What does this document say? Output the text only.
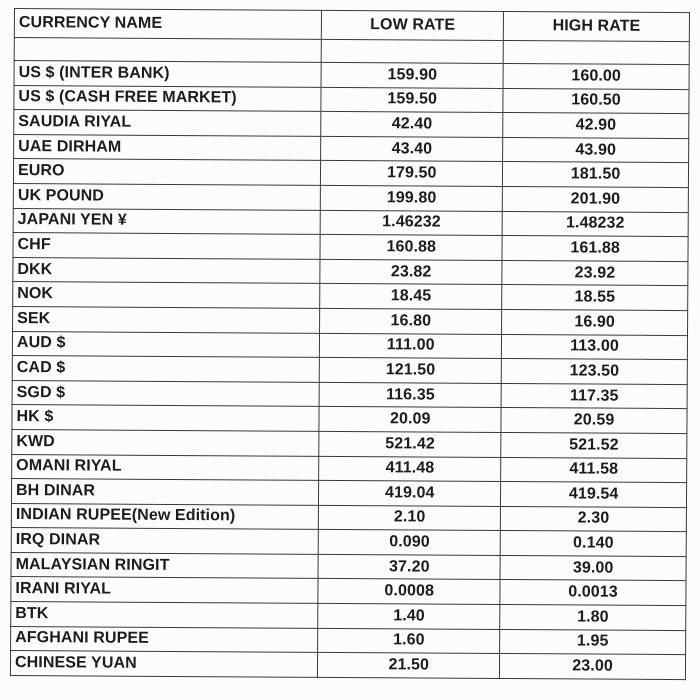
CURRENCY NAME	LOW RATE	HIGH RATE

US $ (INTER BANK)	159.90	160.00
US $ (CASH FREE MARKET)	159.50	160.50
SAUDIA RIYAL	42.40	42.90
UAE DIRHAM	43.40	43.90
EURO	179.50	181.50
UK POUND	199.80	201.90
JAPANI YEN ¥	1.46232	1.48232
CHF	160.88	161.88
DKK	23.82	23.92
NOK	18.45	18.55
SEK	16.80	16.90
AUD $	111.00	113.00
CAD $	121.50	123.50
SGD $	116.35	117.35
HK $	20.09	20.59
KWD	521.42	521.52
OMANI RIYAL	411.48	411.58
BH DINAR	419.04	419.54
INDIAN RUPEE(New Edition)	2.10	2.30
IRQ DINAR	0.090	0.140
MALAYSIAN RINGIT	37.20	39.00
IRANI RIYAL	0.0008	0.0013
BTK	1.40	1.80
AFGHANI RUPEE	1.60	1.95
CHINESE YUAN	21.50	23.00
